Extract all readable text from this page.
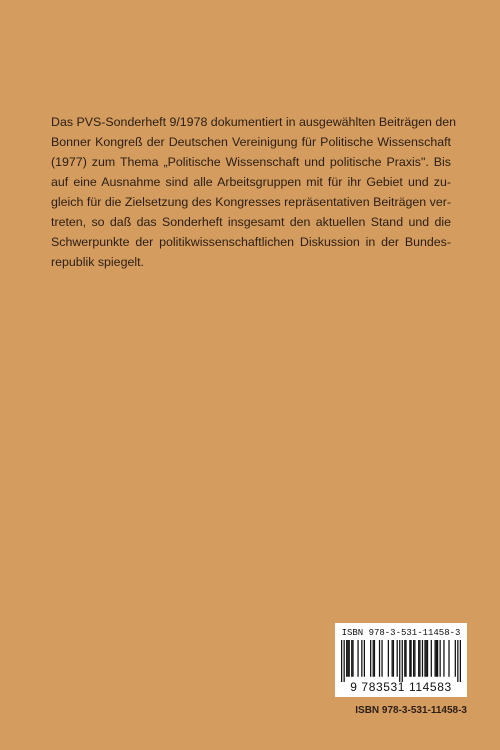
Das PVS-Sonderheft 9/1978 dokumentiert in ausgewählten Beiträgen den
Bonner Kongreß der Deutschen Vereinigung für Politische Wissenschaft
(1977) zum Thema „Politische Wissenschaft und politische Praxis". Bis
auf eine Ausnahme sind alle Arbeitsgruppen mit für ihr Gebiet und zu-
gleich für die Zielsetzung des Kongresses repräsentativen Beiträgen ver-
treten, so daß das Sonderheft insgesamt den aktuellen Stand und die
Schwerpunkte der politikwissenschaftlichen Diskussion in der Bundes-
republik spiegelt.
ISBN 978-3-531-11458-3
9 783531 114583
ISBN 978-3-531-11458-3
